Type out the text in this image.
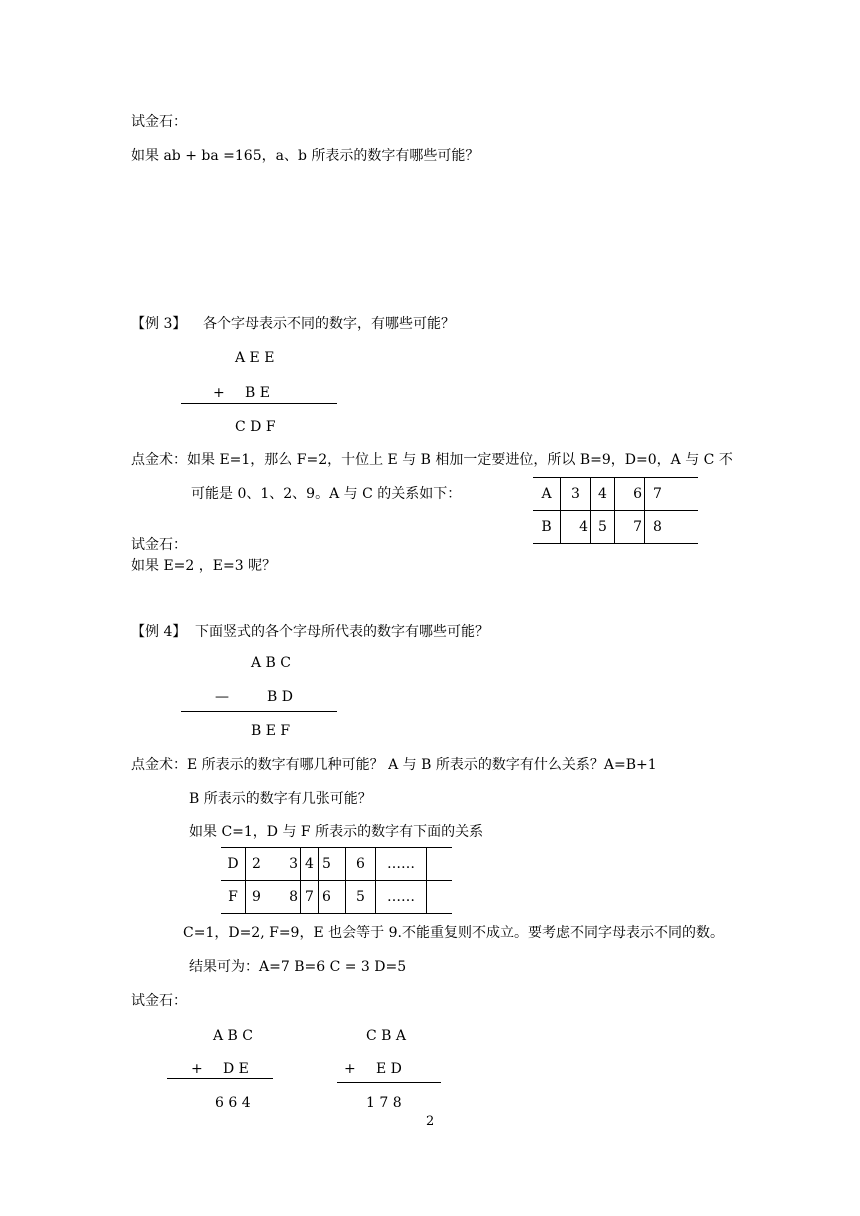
试金石：
如果 ab + ba =165，a、b 所表示的数字有哪些可能？
【例 3】 各个字母表示不同的数字，有哪些可能？
A E E
+ B E
C D F
点金术：如果 E=1，那么 F=2，十位上 E 与 B 相加一定要进位，所以 B=9，D=0，A 与 C 不
可能是 0、1、2、9。A 与 C 的关系如下：	A	3	4	6	7
B	4	5	7	8
试金石：
如果 E=2 ，E=3 呢？
【例 4】 下面竖式的各个字母所代表的数字有哪些可能？
A B C
—	B D
B E F
点金术：E 所表示的数字有哪几种可能？ A 与 B 所表示的数字有什么关系？A=B+1
B 所表示的数字有几张可能？
如果 C=1，D 与 F 所表示的数字有下面的关系
D	2	3	4	5	6	……	
F	9	8	7	6	5	……	
C=1，D=2, F=9，E 也会等于 9.不能重复则不成立。要考虑不同字母表示不同的数。
结果可为：A=7 B=6 C = 3 D=5
试金石：
A B C
+ D E
6 6 4
C B A
+ E D
1 7 8
2
